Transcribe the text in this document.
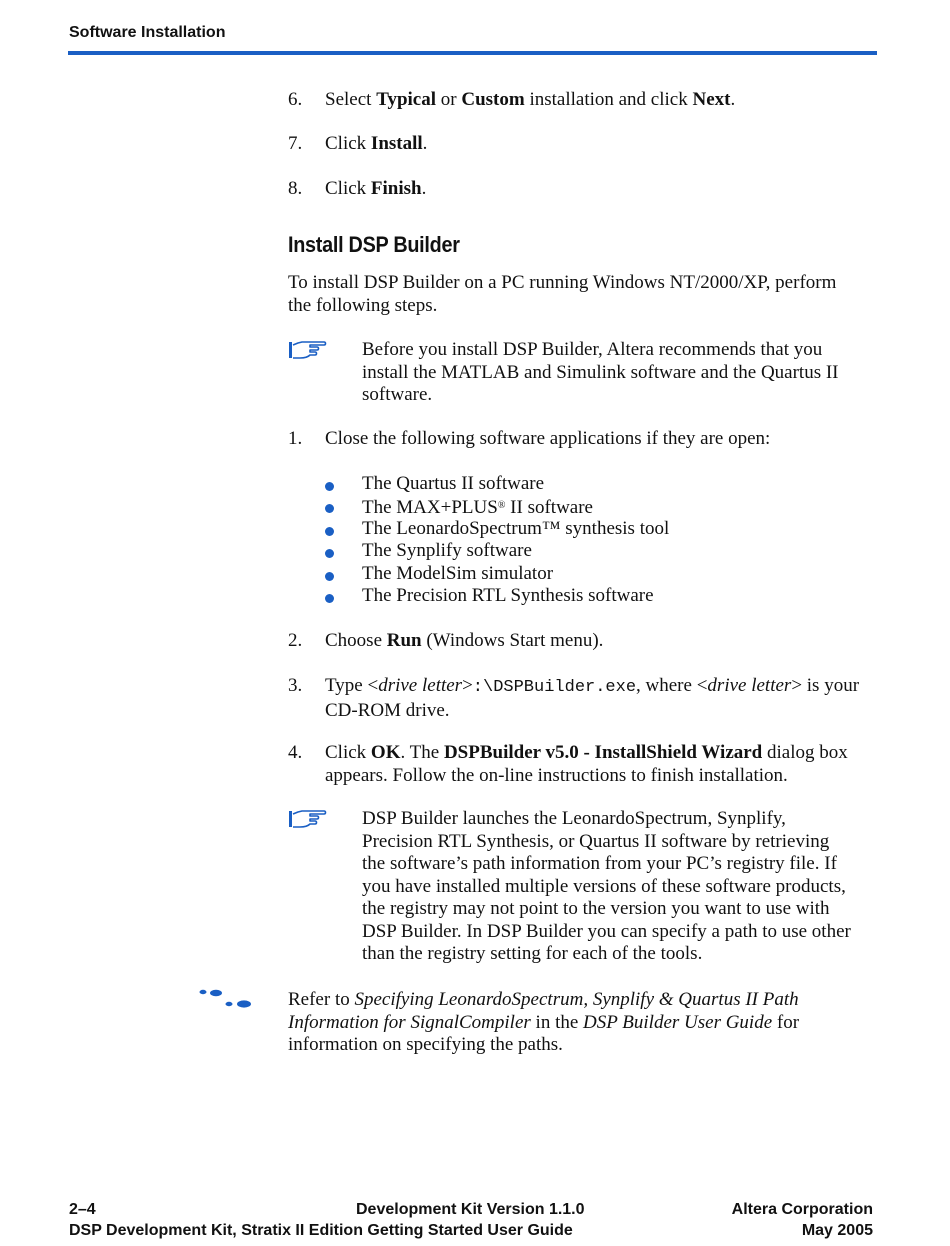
Software Installation
6. Select Typical or Custom installation and click Next.
7. Click Install.
8. Click Finish.
Install DSP Builder
To install DSP Builder on a PC running Windows NT/2000/XP, perform
the following steps.
Before you install DSP Builder, Altera recommends that you
install the MATLAB and Simulink software and the Quartus II
software.
1. Close the following software applications if they are open:
The Quartus II software
The MAX+PLUS® II software
The LeonardoSpectrum™ synthesis tool
The Synplify software
The ModelSim simulator
The Precision RTL Synthesis software
2. Choose Run (Windows Start menu).
3. Type <drive letter>:\DSPBuilder.exe, where <drive letter> is your
CD-ROM drive.
4. Click OK. The DSPBuilder v5.0 - InstallShield Wizard dialog box
appears. Follow the on-line instructions to finish installation.
DSP Builder launches the LeonardoSpectrum, Synplify,
Precision RTL Synthesis, or Quartus II software by retrieving
the software’s path information from your PC’s registry file. If
you have installed multiple versions of these software products,
the registry may not point to the version you want to use with
DSP Builder. In DSP Builder you can specify a path to use other
than the registry setting for each of the tools.
Refer to Specifying LeonardoSpectrum, Synplify & Quartus II Path
Information for SignalCompiler in the DSP Builder User Guide for
information on specifying the paths.
2–4	Development Kit Version 1.1.0	Altera Corporation
DSP Development Kit, Stratix II Edition Getting Started User Guide	May 2005
